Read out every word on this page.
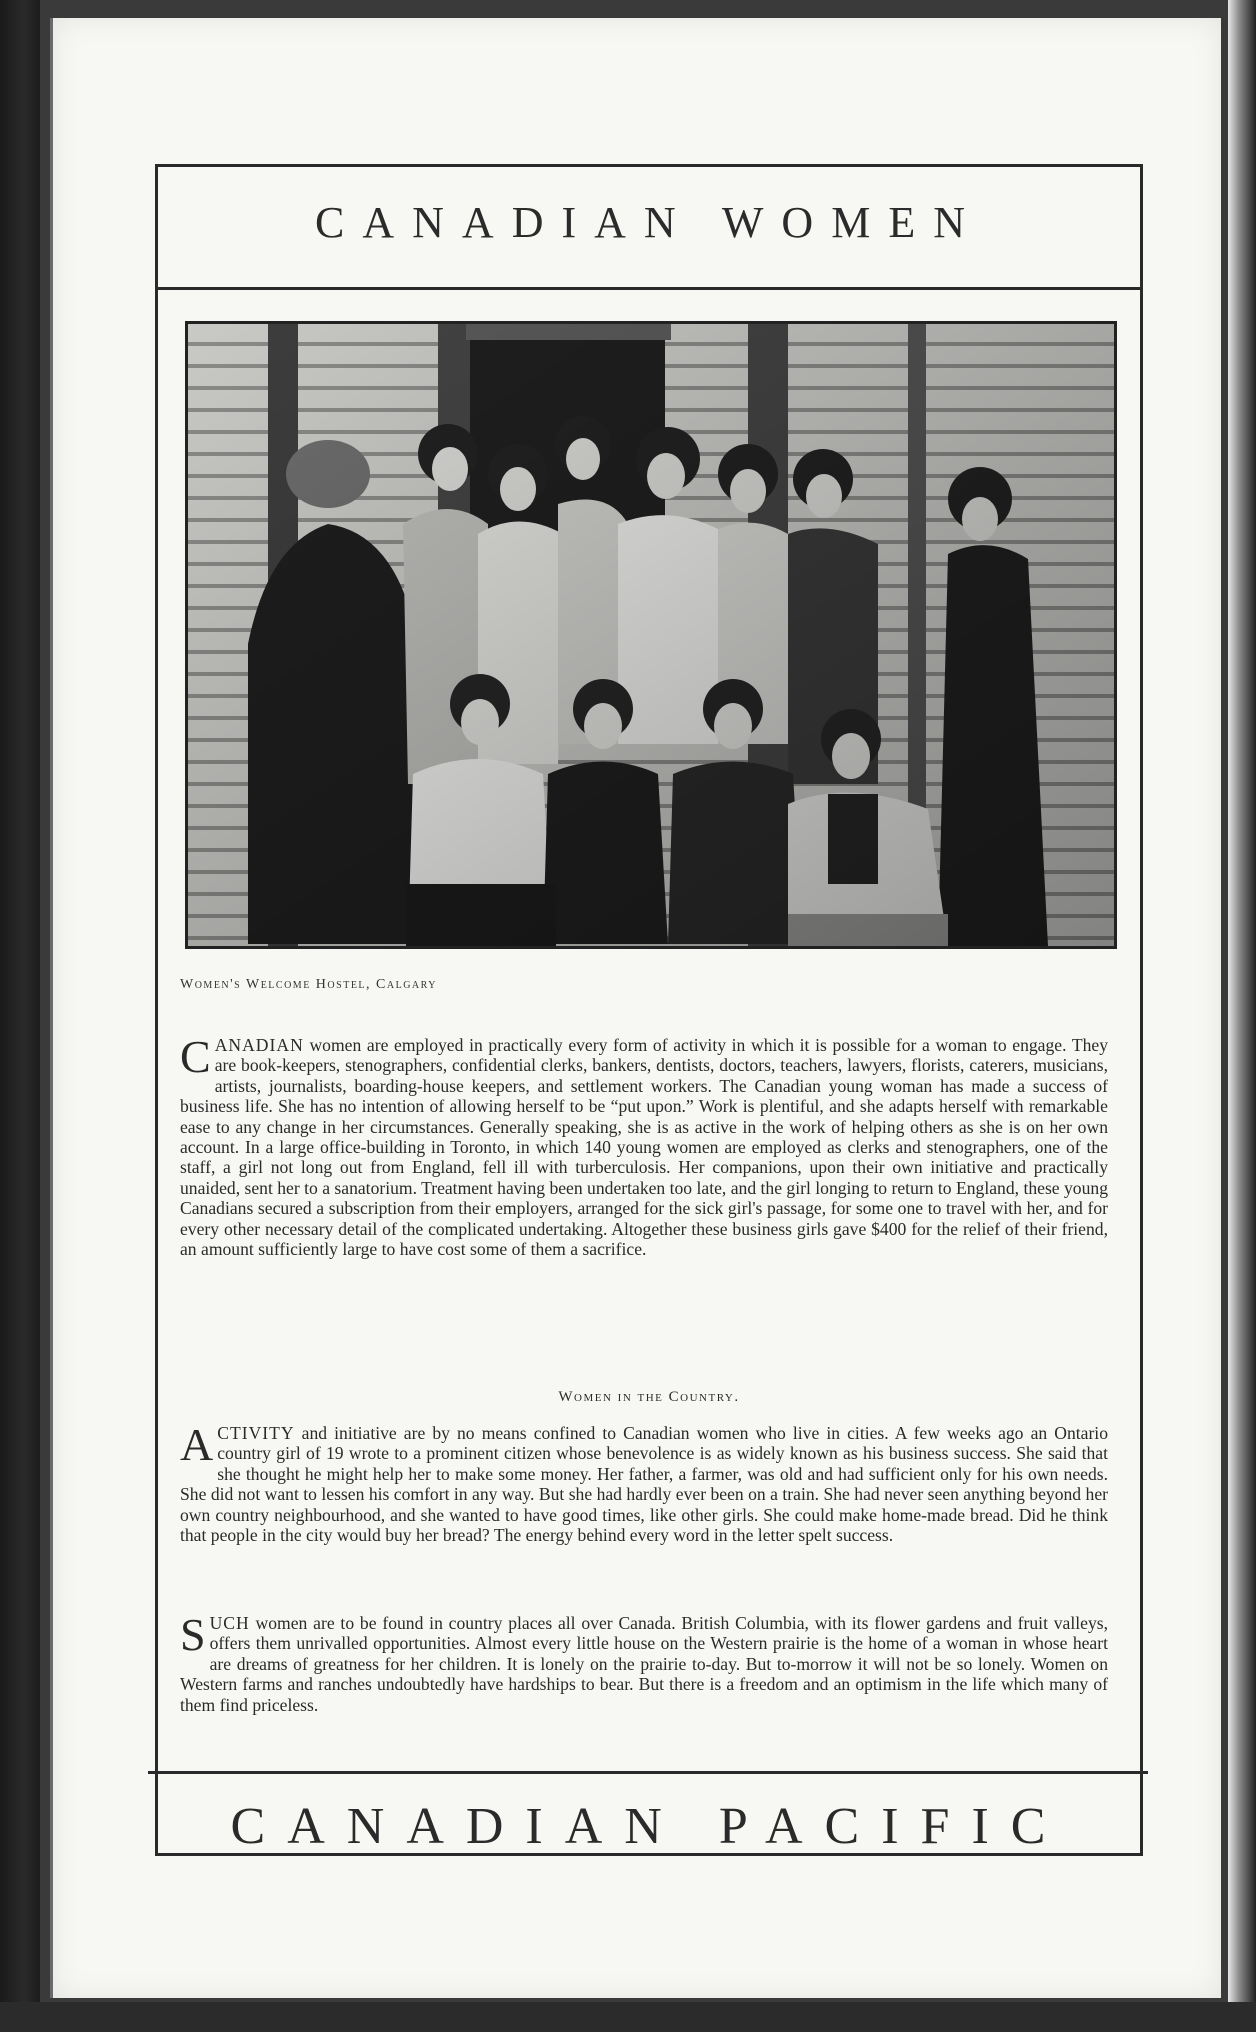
CANADIAN WOMEN
Women's Welcome Hostel, Calgary

CANADIAN women are employed in practically every form of activity in which it is possible for a woman to engage. They are book-keepers, stenographers, confidential clerks, bankers, dentists, doctors, teachers, lawyers, florists, caterers, musicians, artists, journalists, boarding-house keepers, and settlement workers. The Canadian young woman has made a success of business life. She has no intention of allowing herself to be “put upon.” Work is plentiful, and she adapts herself with remarkable ease to any change in her circumstances. Generally speaking, she is as active in the work of helping others as she is on her own account. In a large office-building in Toronto, in which 140 young women are employed as clerks and stenographers, one of the staff, a girl not long out from England, fell ill with turberculosis. Her companions, upon their own initiative and practically unaided, sent her to a sanatorium. Treatment having been undertaken too late, and the girl longing to return to England, these young Canadians secured a subscription from their employers, arranged for the sick girl's passage, for some one to travel with her, and for every other necessary detail of the complicated undertaking. Altogether these business girls gave $400 for the relief of their friend, an amount sufficiently large to have cost some of them a sacrifice.

Women in the Country.

ACTIVITY and initiative are by no means confined to Canadian women who live in cities. A few weeks ago an Ontario country girl of 19 wrote to a prominent citizen whose benevolence is as widely known as his business success. She said that she thought he might help her to make some money. Her father, a farmer, was old and had sufficient only for his own needs. She did not want to lessen his comfort in any way. But she had hardly ever been on a train. She had never seen anything beyond her own country neighbourhood, and she wanted to have good times, like other girls. She could make home-made bread. Did he think that people in the city would buy her bread? The energy behind every word in the letter spelt success.

SUCH women are to be found in country places all over Canada. British Columbia, with its flower gardens and fruit valleys, offers them unrivalled opportunities. Almost every little house on the Western prairie is the home of a woman in whose heart are dreams of greatness for her children. It is lonely on the prairie to-day. But to-morrow it will not be so lonely. Women on Western farms and ranches undoubtedly have hardships to bear. But there is a freedom and an optimism in the life which many of them find priceless.

CANADIAN PACIFIC
